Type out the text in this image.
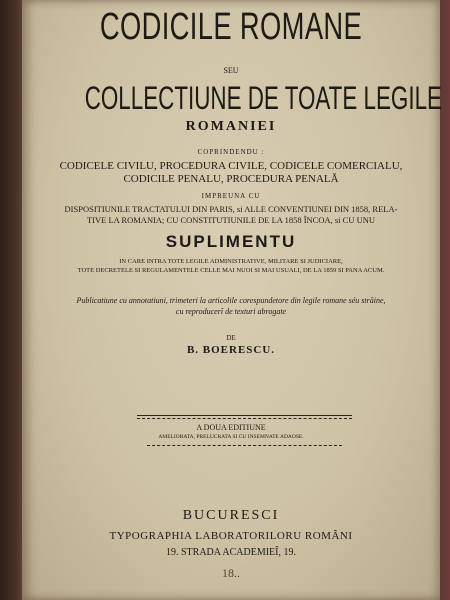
CODICILE ROMANE
SEU
COLLECTIUNE DE TOATE LEGILE
ROMANIEI
COPRINDENDU :
CODICELE CIVILU, PROCEDURA CIVILE, CODICELE COMERCIALU,
CODICILE PENALU, PROCEDURA PENALĂ
IMPREUNA CU
DISPOSITIUNILE TRACTATULUI DIN PARIS, si ALLE CONVENTIUNEI DIN 1858, RELA-
TIVE LA ROMANIA; CU CONSTITUTIUNILE DE LA 1858 ÎNCOA, si CU UNU
SUPLIMENTU
IN CARE INTRA TOTE LEGILE ADMINISTRATIVE, MILITARE SI JUDICIARE,
TOTE DECRETELE SI REGULAMENTELE CELLE MAI NUOI SI MAI USUALI, DE LA 1859 SI PANA ACUM.
Publicatiune cu annotatiuni, trimeteri la articolile corespundetore din legile romane séu străine,
cu reproducerî de texturi abrogate
DE
B. BOERESCU.
A DOUA EDITIUNE
AMELIORATA, PRELUCRATA SI CU INSEMNATE ADAOSE.
BUCURESCI
TYPOGRAPHIA LABORATORILORU ROMÂNI
19. STRADA ACADEMIEÎ, 19.
18..
